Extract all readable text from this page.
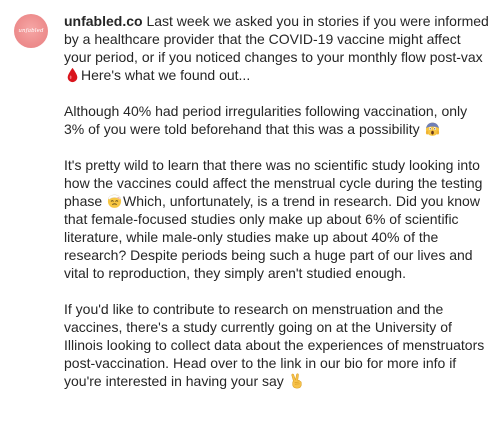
unfabled

unfabled.co Last week we asked you in stories if you were informed by a healthcare provider that the COVID-19 vaccine might affect your period, or if you noticed changes to your monthly flow post-vax
Here's what we found out...

Although 40% had period irregularities following vaccination, only 3% of you were told beforehand that this was a possibility

It's pretty wild to learn that there was no scientific study looking into how the vaccines could affect the menstrual cycle during the testing phase
Which, unfortunately, is a trend in research. Did you know that female-focused studies only make up about 6% of scientific literature, while male-only studies make up about 40% of the research? Despite periods being such a huge part of our lives and vital to reproduction, they simply aren't studied enough.

If you'd like to contribute to research on menstruation and the vaccines, there's a study currently going on at the University of Illinois looking to collect data about the experiences of menstruators post-vaccination. Head over to the link in our bio for more info if you're interested in having your say
